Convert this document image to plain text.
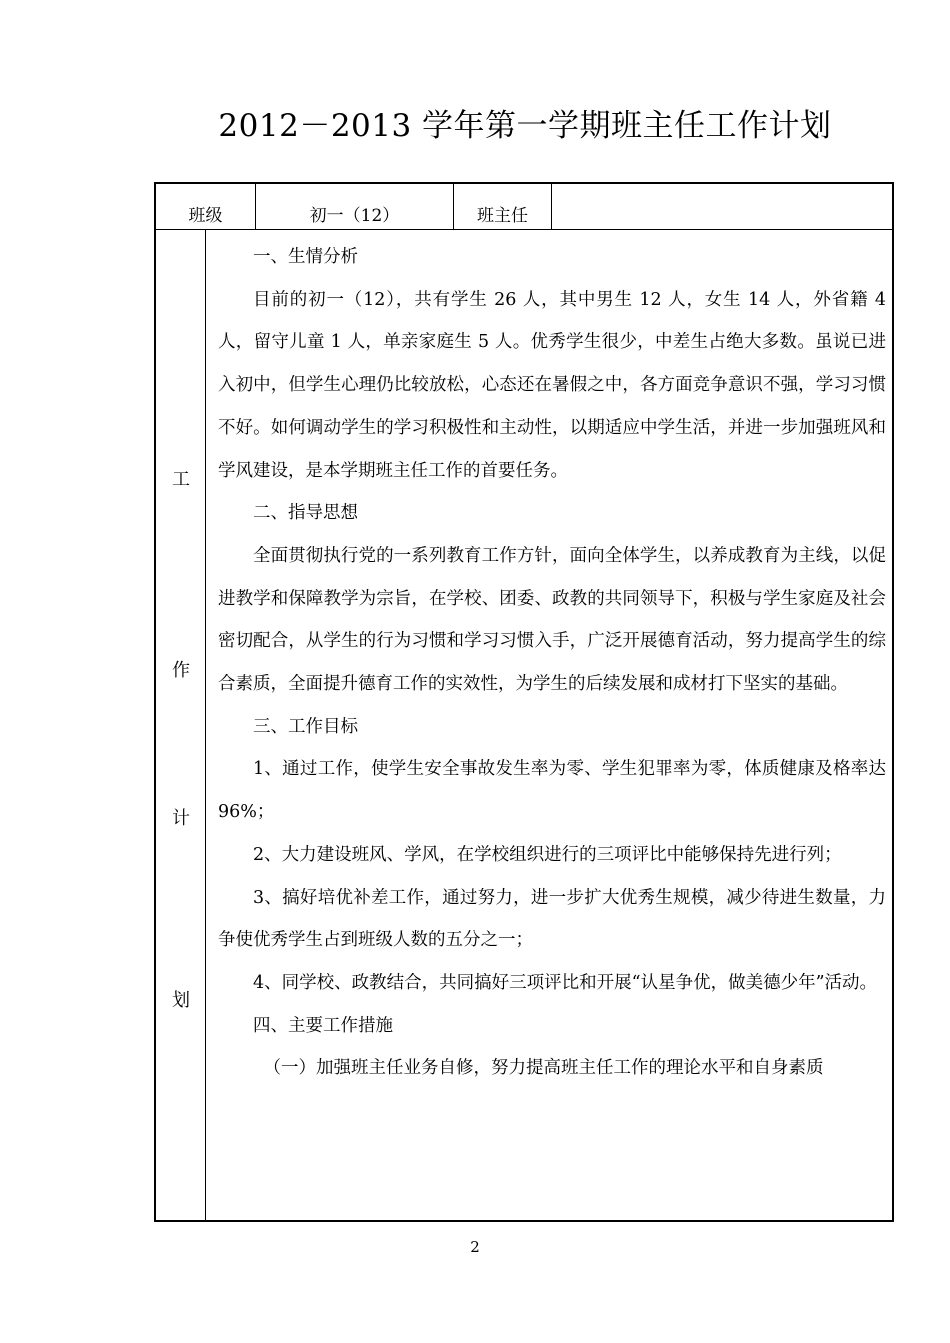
2012－2013 学年第一学期班主任工作计划
班级	初一（12）	班主任
工
作
计
划

一、生情分析

目前的初一（12），共有学生 26 人，其中男生 12 人，女生 14 人，外省籍 4 人，留守儿童 1 人，单亲家庭生 5 人。优秀学生很少，中差生占绝大多数。虽说已进入初中，但学生心理仍比较放松，心态还在暑假之中，各方面竞争意识不强，学习习惯不好。如何调动学生的学习积极性和主动性，以期适应中学生活，并进一步加强班风和学风建设，是本学期班主任工作的首要任务。

二、指导思想

全面贯彻执行党的一系列教育工作方针，面向全体学生，以养成教育为主线，以促进教学和保障教学为宗旨，在学校、团委、政教的共同领导下，积极与学生家庭及社会密切配合，从学生的行为习惯和学习习惯入手，广泛开展德育活动，努力提高学生的综合素质，全面提升德育工作的实效性，为学生的后续发展和成材打下坚实的基础。

三、工作目标

1、通过工作，使学生安全事故发生率为零、学生犯罪率为零，体质健康及格率达 96%；

2、大力建设班风、学风，在学校组织进行的三项评比中能够保持先进行列；

3、搞好培优补差工作，通过努力，进一步扩大优秀生规模，减少待进生数量，力争使优秀学生占到班级人数的五分之一；

4、同学校、政教结合，共同搞好三项评比和开展“认星争优，做美德少年”活动。

四、主要工作措施

（一）加强班主任业务自修，努力提高班主任工作的理论水平和自身素质

2
